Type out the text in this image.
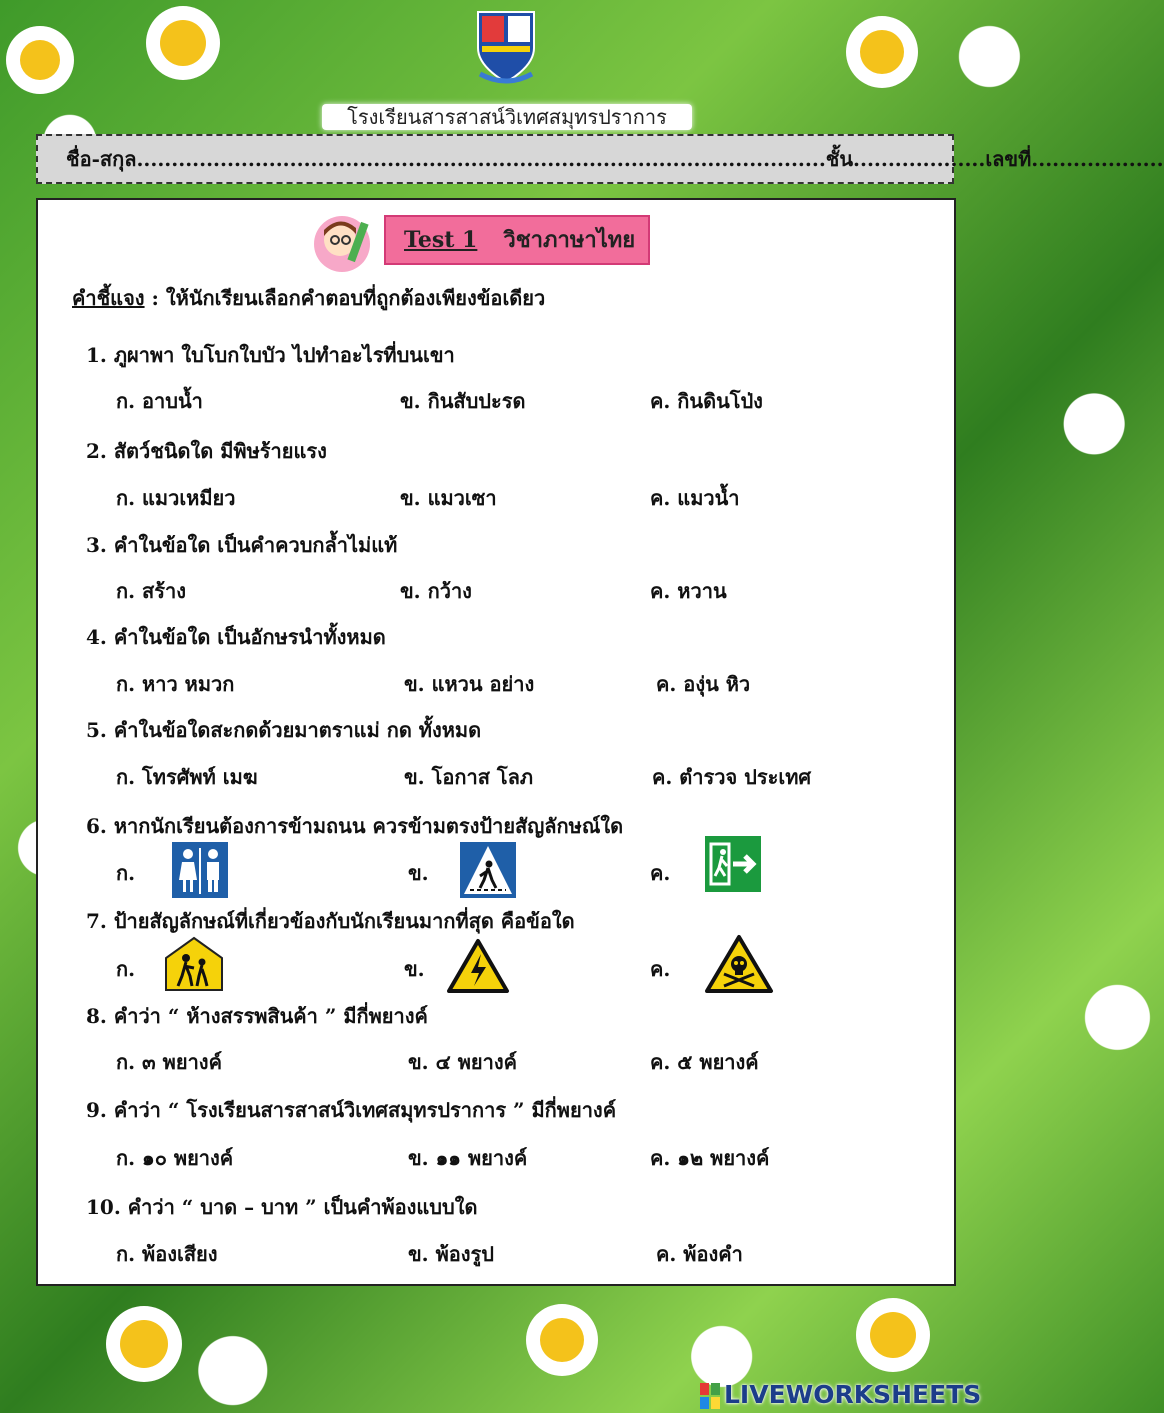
โรงเรียนสารสาสน์วิเทศสมุทรปราการ
ชื่อ-สกุล...................................................................................................ชั้น...................เลขที่...................
Test 1 วิชาภาษาไทย
คำชี้แจง : ให้นักเรียนเลือกคำตอบที่ถูกต้องเพียงข้อเดียว
1. ภูผาพา ใบโบกใบบัว ไปทำอะไรที่บนเขา
ก. อาบน้ำ	ข. กินสับปะรด	ค. กินดินโป่ง
2. สัตว์ชนิดใด มีพิษร้ายแรง
ก. แมวเหมียว	ข. แมวเซา	ค. แมวน้ำ
3. คำในข้อใด เป็นคำควบกล้ำไม่แท้
ก. สร้าง	ข. กว้าง	ค. หวาน
4. คำในข้อใด เป็นอักษรนำทั้งหมด
ก. หาว หมวก	ข. แหวน อย่าง	ค. องุ่น หิว
5. คำในข้อใดสะกดด้วยมาตราแม่ กด ทั้งหมด
ก. โทรศัพท์ เมฆ	ข. โอกาส โลภ	ค. ตำรวจ ประเทศ
6. หากนักเรียนต้องการข้ามถนน ควรข้ามตรงป้ายสัญลักษณ์ใด
ก.	ข.	ค.
7. ป้ายสัญลักษณ์ที่เกี่ยวข้องกับนักเรียนมากที่สุด คือข้อใด
ก.	ข.	ค.
8. คำว่า “ ห้างสรรพสินค้า ” มีกี่พยางค์
ก. ๓ พยางค์	ข. ๔ พยางค์	ค. ๕ พยางค์
9. คำว่า “ โรงเรียนสารสาสน์วิเทศสมุทรปราการ ” มีกี่พยางค์
ก. ๑๐ พยางค์	ข. ๑๑ พยางค์	ค. ๑๒ พยางค์
10. คำว่า “ บาด – บาท ” เป็นคำพ้องแบบใด
ก. พ้องเสียง	ข. พ้องรูป	ค. พ้องคำ
LIVEWORKSHEETS
